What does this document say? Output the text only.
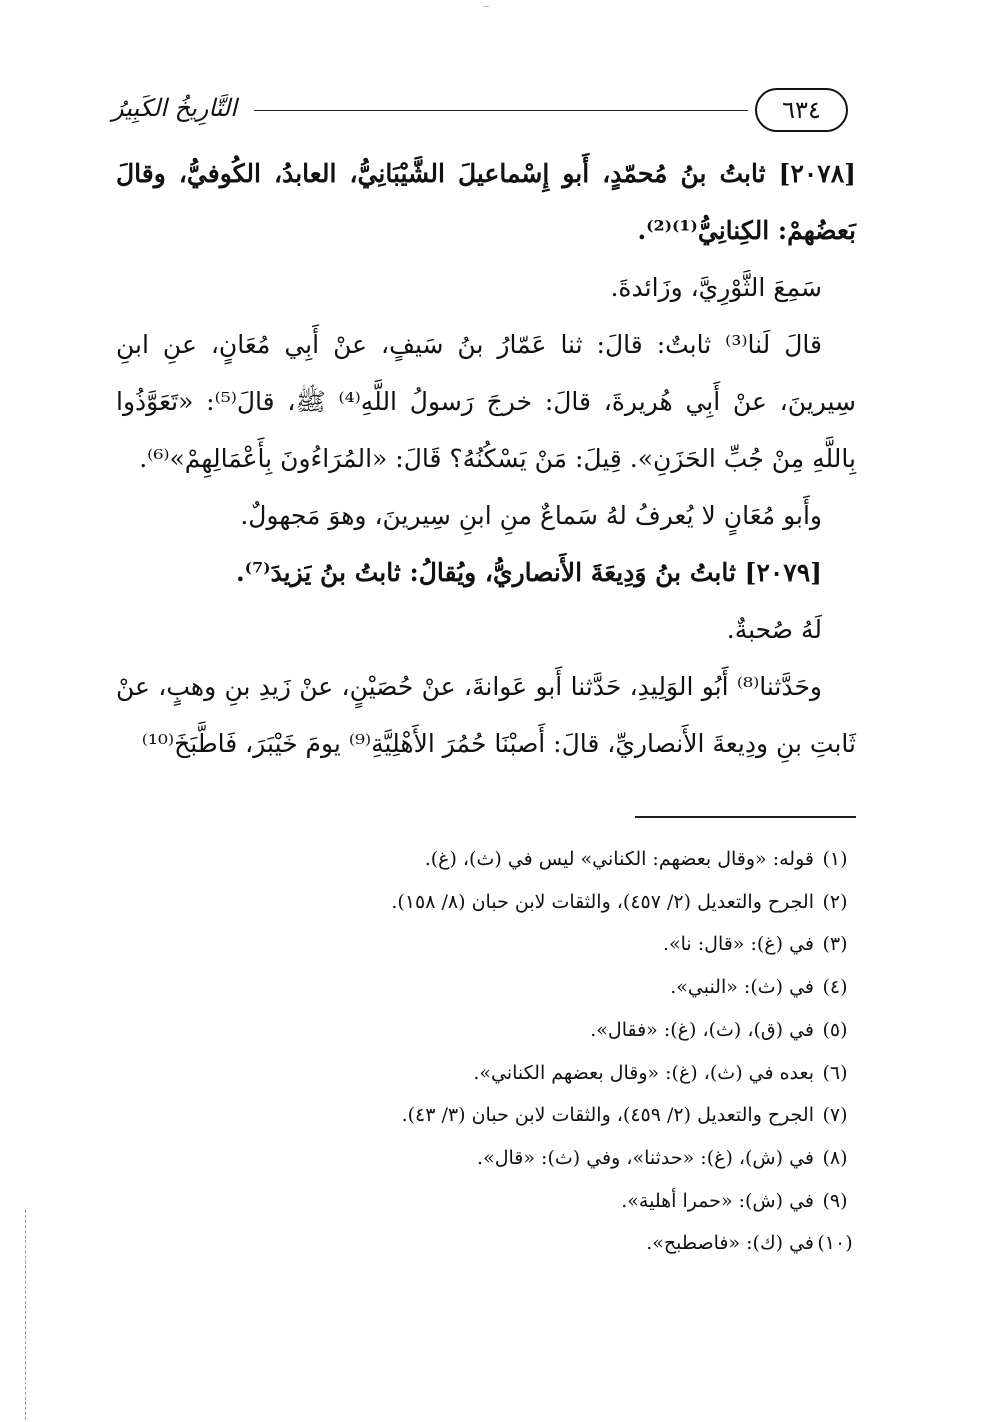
التَّارِيخُ الكَبِيرُ	٦٣٤

[٢٠٧٨] ثابتُ بنُ مُحمّدٍ، أَبو إِسْماعيلَ الشَّيْبَانِيُّ، العابدُ، الكُوفيُّ، وقالَ بَعضُهمْ: الكِنانِيُّ⁽¹⁾⁽²⁾.

سَمِعَ الثَّوْرِيَّ، وزَائدةَ.

قالَ لَنا⁽³⁾ ثابتٌ: قالَ: ثنا عَمّارُ بنُ سَيفٍ، عنْ أَبِي مُعَانٍ، عنِ ابنِ سِيرينَ، عنْ أَبِي هُريرةَ، قالَ: خرجَ رَسولُ اللَّهِ⁽⁴⁾ ﷺ، قالَ⁽⁵⁾: «تَعَوَّذُوا بِاللَّهِ مِنْ جُبِّ الحَزَنِ». قِيلَ: مَنْ يَسْكُنُهُ؟ قَالَ: «المُرَاءُونَ بِأَعْمَالِهِمْ»⁽⁶⁾.

وأَبو مُعَانٍ لا يُعرفُ لهُ سَماعٌ منِ ابنِ سِيرينَ، وهوَ مَجهولٌ.

[٢٠٧٩] ثابتُ بنُ وَدِيعَةَ الأَنصاريُّ، ويُقالُ: ثابتُ بنُ يَزيدَ⁽⁷⁾.

لَهُ صُحبةٌ.

وحَدَّثنا⁽⁸⁾ أَبُو الوَلِيدِ، حَدَّثنا أَبو عَوانةَ، عنْ حُصَيْنٍ، عنْ زَيدِ بنِ وهبٍ، عنْ ثَابتِ بنِ ودِيعةَ الأَنصاريِّ، قالَ: أَصبْنَا حُمُرَ الأَهْلِيَّةِ⁽⁹⁾ يومَ خَيْبَرَ، فَاطَّبَخَ⁽¹⁰⁾

(١)قوله: «وقال بعضهم: الكناني» ليس في (ث)، (غ).

(٢)الجرح والتعديل (٢/ ٤٥٧)، والثقات لابن حبان (٨/ ١٥٨).

(٣)في (غ): «قال: نا».

(٤)في (ث): «النبي».

(٥)في (ق)، (ث)، (غ): «فقال».

(٦)بعده في (ث)، (غ): «وقال بعضهم الكناني».

(٧)الجرح والتعديل (٢/ ٤٥٩)، والثقات لابن حبان (٣/ ٤٣).

(٨)في (ش)، (غ): «حدثنا»، وفي (ث): «قال».

(٩)في (ش): «حمرا أهلية».

(١٠)في (ك): «فاصطبح».
